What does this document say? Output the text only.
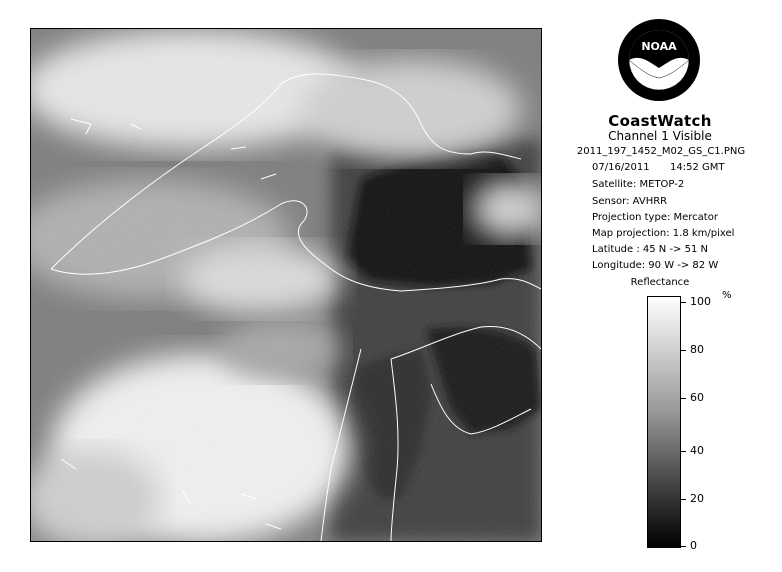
NOAA
CoastWatch
Channel 1 Visible
2011_197_1452_M02_GS_C1.PNG
07/16/2011 14:52 GMT
Satellite: METOP-2
Sensor: AVHRR
Projection type: Mercator
Map projection: 1.8 km/pixel
Latitude : 45 N -> 51 N
Longitude: 90 W -> 82 W
Reflectance
%
100
80
60
40
20
0
